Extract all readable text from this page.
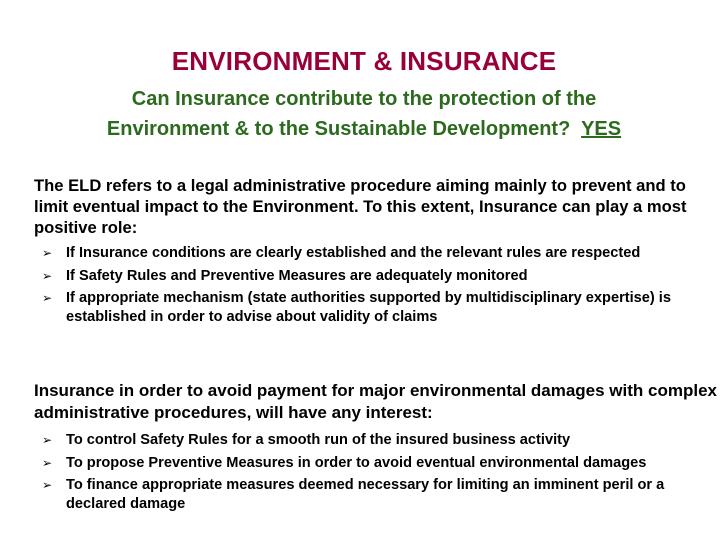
ENVIRONMENT & INSURANCE
Can Insurance contribute to the protection of the
Environment & to the Sustainable Development? YES

The ELD refers to a legal administrative procedure aiming mainly to prevent and to limit eventual impact to the Environment. To this extent, Insurance can play a most positive role:

➢ If Insurance conditions are clearly established and the relevant rules are respected
➢ If Safety Rules and Preventive Measures are adequately monitored
➢ If appropriate mechanism (state authorities supported by multidisciplinary expertise) is established in order to advise about validity of claims

Insurance in order to avoid payment for major environmental damages with complex administrative procedures, will have any interest:

➢ To control Safety Rules for a smooth run of the insured business activity
➢ To propose Preventive Measures in order to avoid eventual environmental damages
➢ To finance appropriate measures deemed necessary for limiting an imminent peril or a declared damage
